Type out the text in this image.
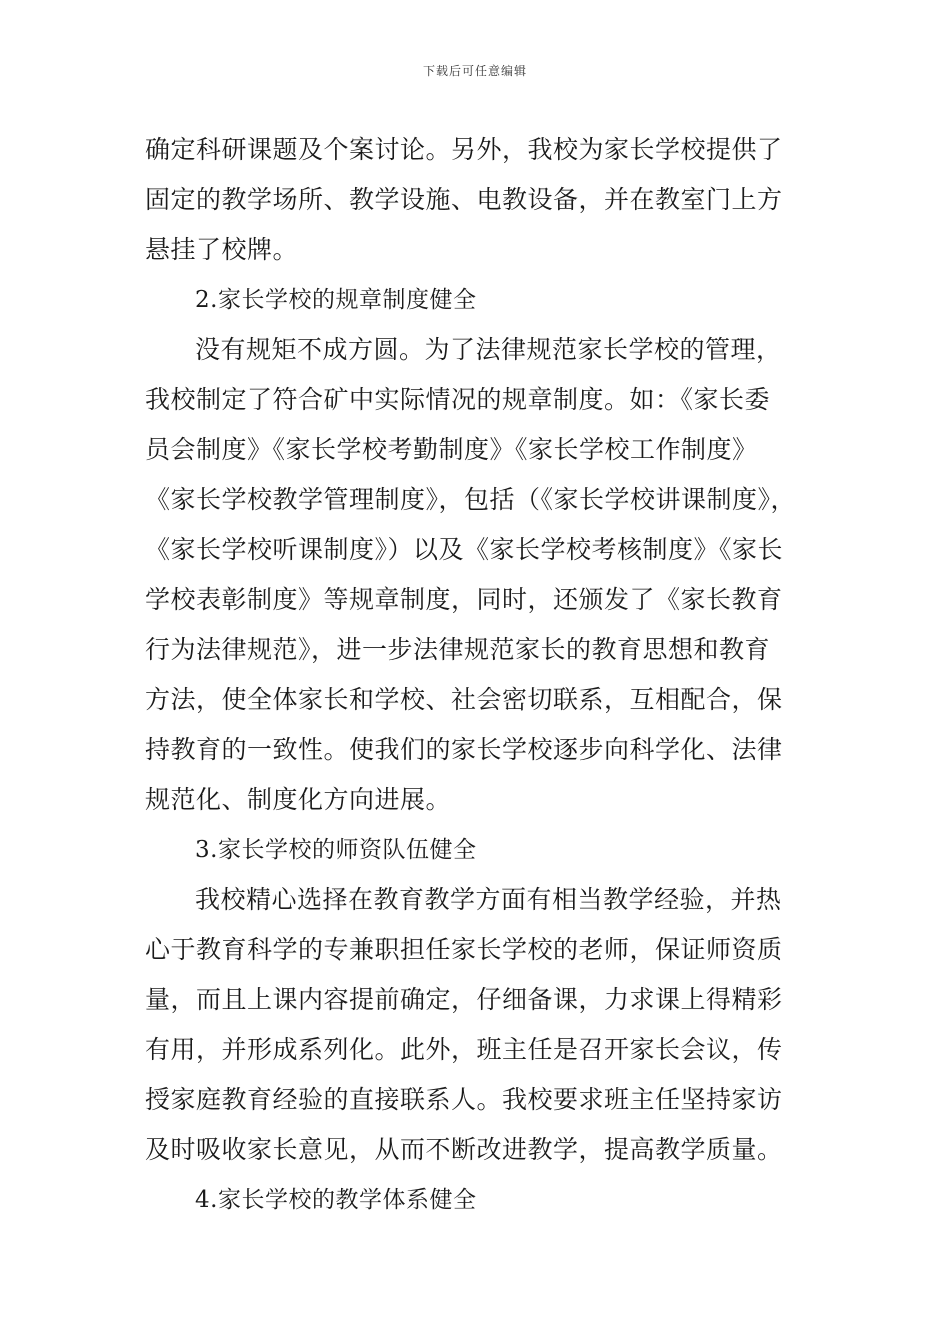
下载后可任意编辑
确定科研课题及个案讨论。另外，我校为家长学校提供了
固定的教学场所、教学设施、电教设备，并在教室门上方
悬挂了校牌。
2.家长学校的规章制度健全
没有规矩不成方圆。为了法律规范家长学校的管理，
我校制定了符合矿中实际情况的规章制度。如：《家长委
员会制度》《家长学校考勤制度》《家长学校工作制度》
《家长学校教学管理制度》，包括（《家长学校讲课制度》，
《家长学校听课制度》）以及《家长学校考核制度》《家长
学校表彰制度》等规章制度，同时，还颁发了《家长教育
行为法律规范》，进一步法律规范家长的教育思想和教育
方法，使全体家长和学校、社会密切联系，互相配合，保
持教育的一致性。使我们的家长学校逐步向科学化、法律
规范化、制度化方向进展。
3.家长学校的师资队伍健全
我校精心选择在教育教学方面有相当教学经验，并热
心于教育科学的专兼职担任家长学校的老师，保证师资质
量，而且上课内容提前确定，仔细备课，力求课上得精彩
有用，并形成系列化。此外，班主任是召开家长会议，传
授家庭教育经验的直接联系人。我校要求班主任坚持家访
及时吸收家长意见，从而不断改进教学，提高教学质量。
4.家长学校的教学体系健全
